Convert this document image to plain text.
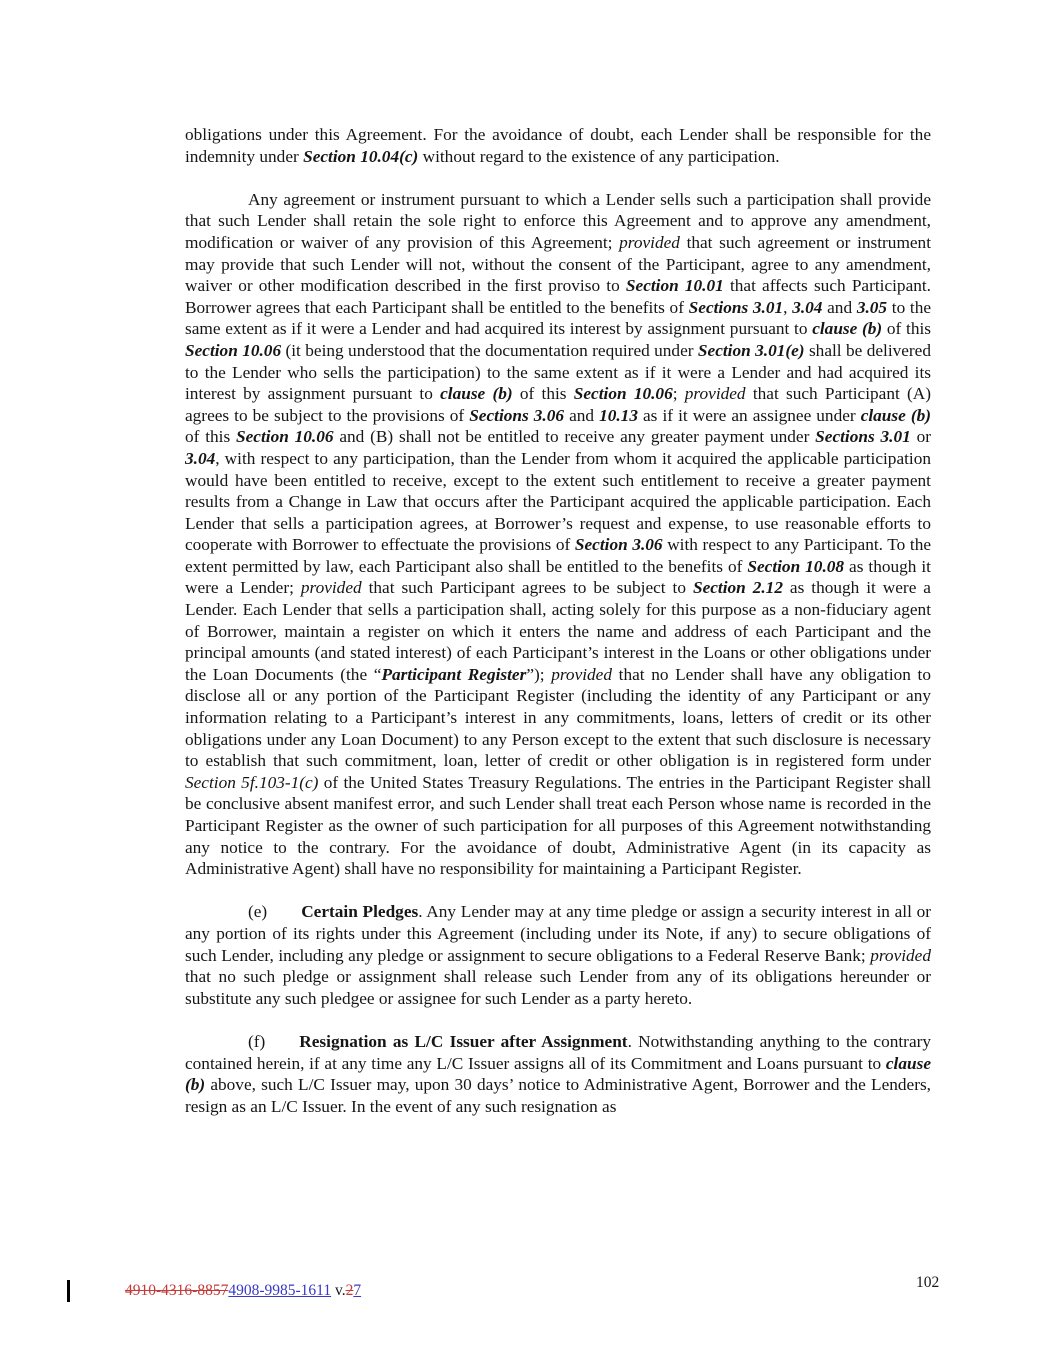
obligations under this Agreement. For the avoidance of doubt, each Lender shall be responsible for the indemnity under Section 10.04(c) without regard to the existence of any participation.

Any agreement or instrument pursuant to which a Lender sells such a participation shall provide that such Lender shall retain the sole right to enforce this Agreement and to approve any amendment, modification or waiver of any provision of this Agreement; provided that such agreement or instrument may provide that such Lender will not, without the consent of the Participant, agree to any amendment, waiver or other modification described in the first proviso to Section 10.01 that affects such Participant. Borrower agrees that each Participant shall be entitled to the benefits of Sections 3.01, 3.04 and 3.05 to the same extent as if it were a Lender and had acquired its interest by assignment pursuant to clause (b) of this Section 10.06 (it being understood that the documentation required under Section 3.01(e) shall be delivered to the Lender who sells the participation) to the same extent as if it were a Lender and had acquired its interest by assignment pursuant to clause (b) of this Section 10.06; provided that such Participant (A) agrees to be subject to the provisions of Sections 3.06 and 10.13 as if it were an assignee under clause (b) of this Section 10.06 and (B) shall not be entitled to receive any greater payment under Sections 3.01 or 3.04, with respect to any participation, than the Lender from whom it acquired the applicable participation would have been entitled to receive, except to the extent such entitlement to receive a greater payment results from a Change in Law that occurs after the Participant acquired the applicable participation. Each Lender that sells a participation agrees, at Borrower’s request and expense, to use reasonable efforts to cooperate with Borrower to effectuate the provisions of Section 3.06 with respect to any Participant. To the extent permitted by law, each Participant also shall be entitled to the benefits of Section 10.08 as though it were a Lender; provided that such Participant agrees to be subject to Section 2.12 as though it were a Lender. Each Lender that sells a participation shall, acting solely for this purpose as a non-fiduciary agent of Borrower, maintain a register on which it enters the name and address of each Participant and the principal amounts (and stated interest) of each Participant’s interest in the Loans or other obligations under the Loan Documents (the “Participant Register”); provided that no Lender shall have any obligation to disclose all or any portion of the Participant Register (including the identity of any Participant or any information relating to a Participant’s interest in any commitments, loans, letters of credit or its other obligations under any Loan Document) to any Person except to the extent that such disclosure is necessary to establish that such commitment, loan, letter of credit or other obligation is in registered form under Section 5f.103-1(c) of the United States Treasury Regulations. The entries in the Participant Register shall be conclusive absent manifest error, and such Lender shall treat each Person whose name is recorded in the Participant Register as the owner of such participation for all purposes of this Agreement notwithstanding any notice to the contrary. For the avoidance of doubt, Administrative Agent (in its capacity as Administrative Agent) shall have no responsibility for maintaining a Participant Register.

(e) Certain Pledges. Any Lender may at any time pledge or assign a security interest in all or any portion of its rights under this Agreement (including under its Note, if any) to secure obligations of such Lender, including any pledge or assignment to secure obligations to a Federal Reserve Bank; provided that no such pledge or assignment shall release such Lender from any of its obligations hereunder or substitute any such pledgee or assignee for such Lender as a party hereto.

(f) Resignation as L/C Issuer after Assignment. Notwithstanding anything to the contrary contained herein, if at any time any L/C Issuer assigns all of its Commitment and Loans pursuant to clause (b) above, such L/C Issuer may, upon 30 days’ notice to Administrative Agent, Borrower and the Lenders, resign as an L/C Issuer. In the event of any such resignation as

4910-4316-88574908-9985-1611 v.27	102
